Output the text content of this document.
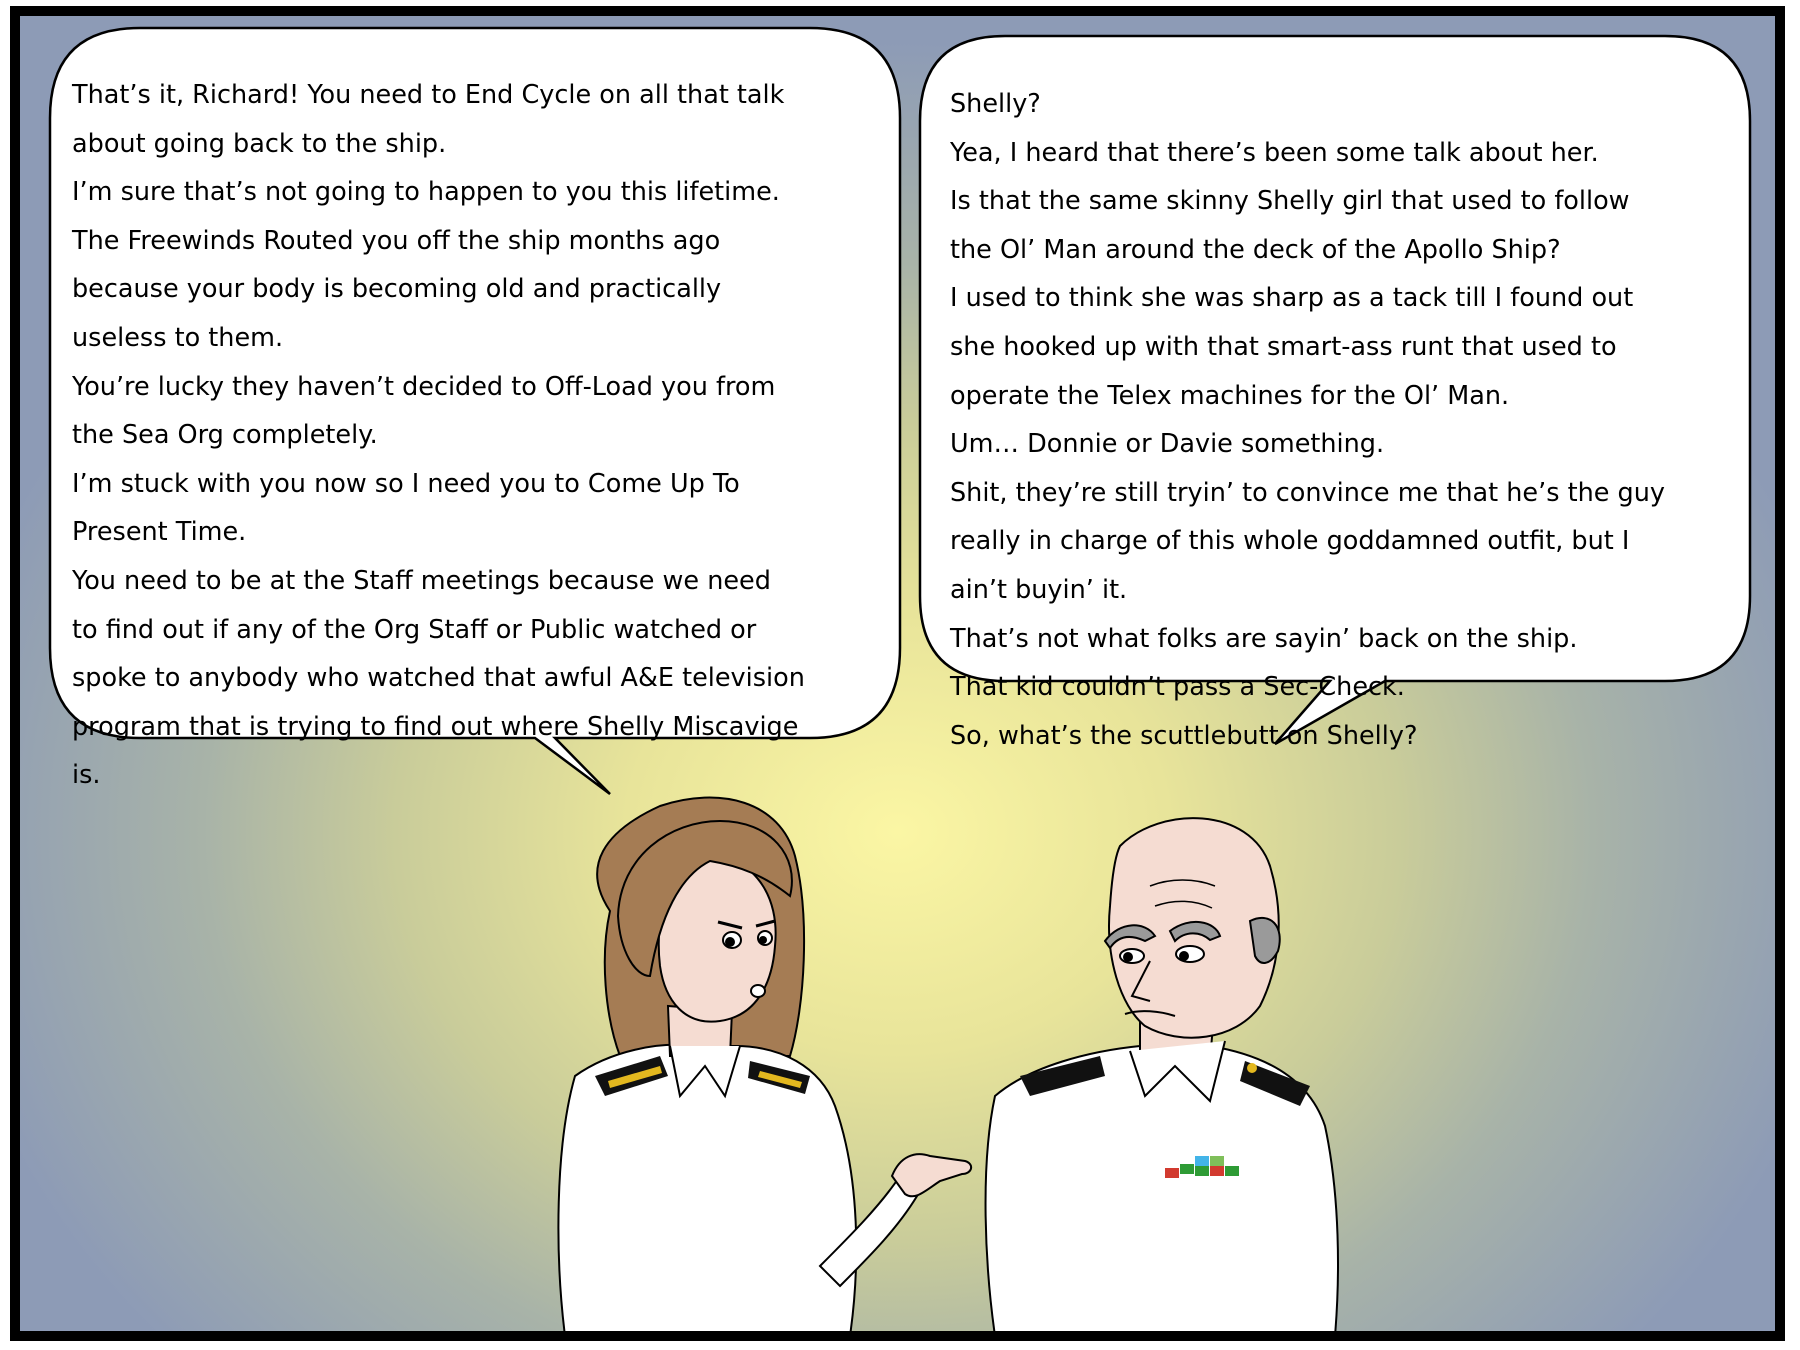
That’s it, Richard! You need to End Cycle on all that talk

about going back to the ship.

I’m sure that’s not going to happen to you this lifetime.

The Freewinds Routed you off the ship months ago

because your body is becoming old and practically

useless to them.

You’re lucky they haven’t decided to Off-Load you from

the Sea Org completely.

I’m stuck with you now so I need you to Come Up To

Present Time.

You need to be at the Staff meetings because we need

to find out if any of the Org Staff or Public watched or

spoke to anybody who watched that awful A&E television

program that is trying to find out where Shelly Miscavige

is.

Shelly?

Yea, I heard that there’s been some talk about her.

Is that the same skinny Shelly girl that used to follow

the Ol’ Man around the deck of the Apollo Ship?

I used to think she was sharp as a tack till I found out

she hooked up with that smart-ass runt that used to

operate the Telex machines for the Ol’ Man.

Um… Donnie or Davie something.

Shit, they’re still tryin’ to convince me that he’s the guy

really in charge of this whole goddamned outfit, but I

ain’t buyin’ it.

That’s not what folks are sayin’ back on the ship.

That kid couldn’t pass a Sec-Check.

So, what’s the scuttlebutt on Shelly?
